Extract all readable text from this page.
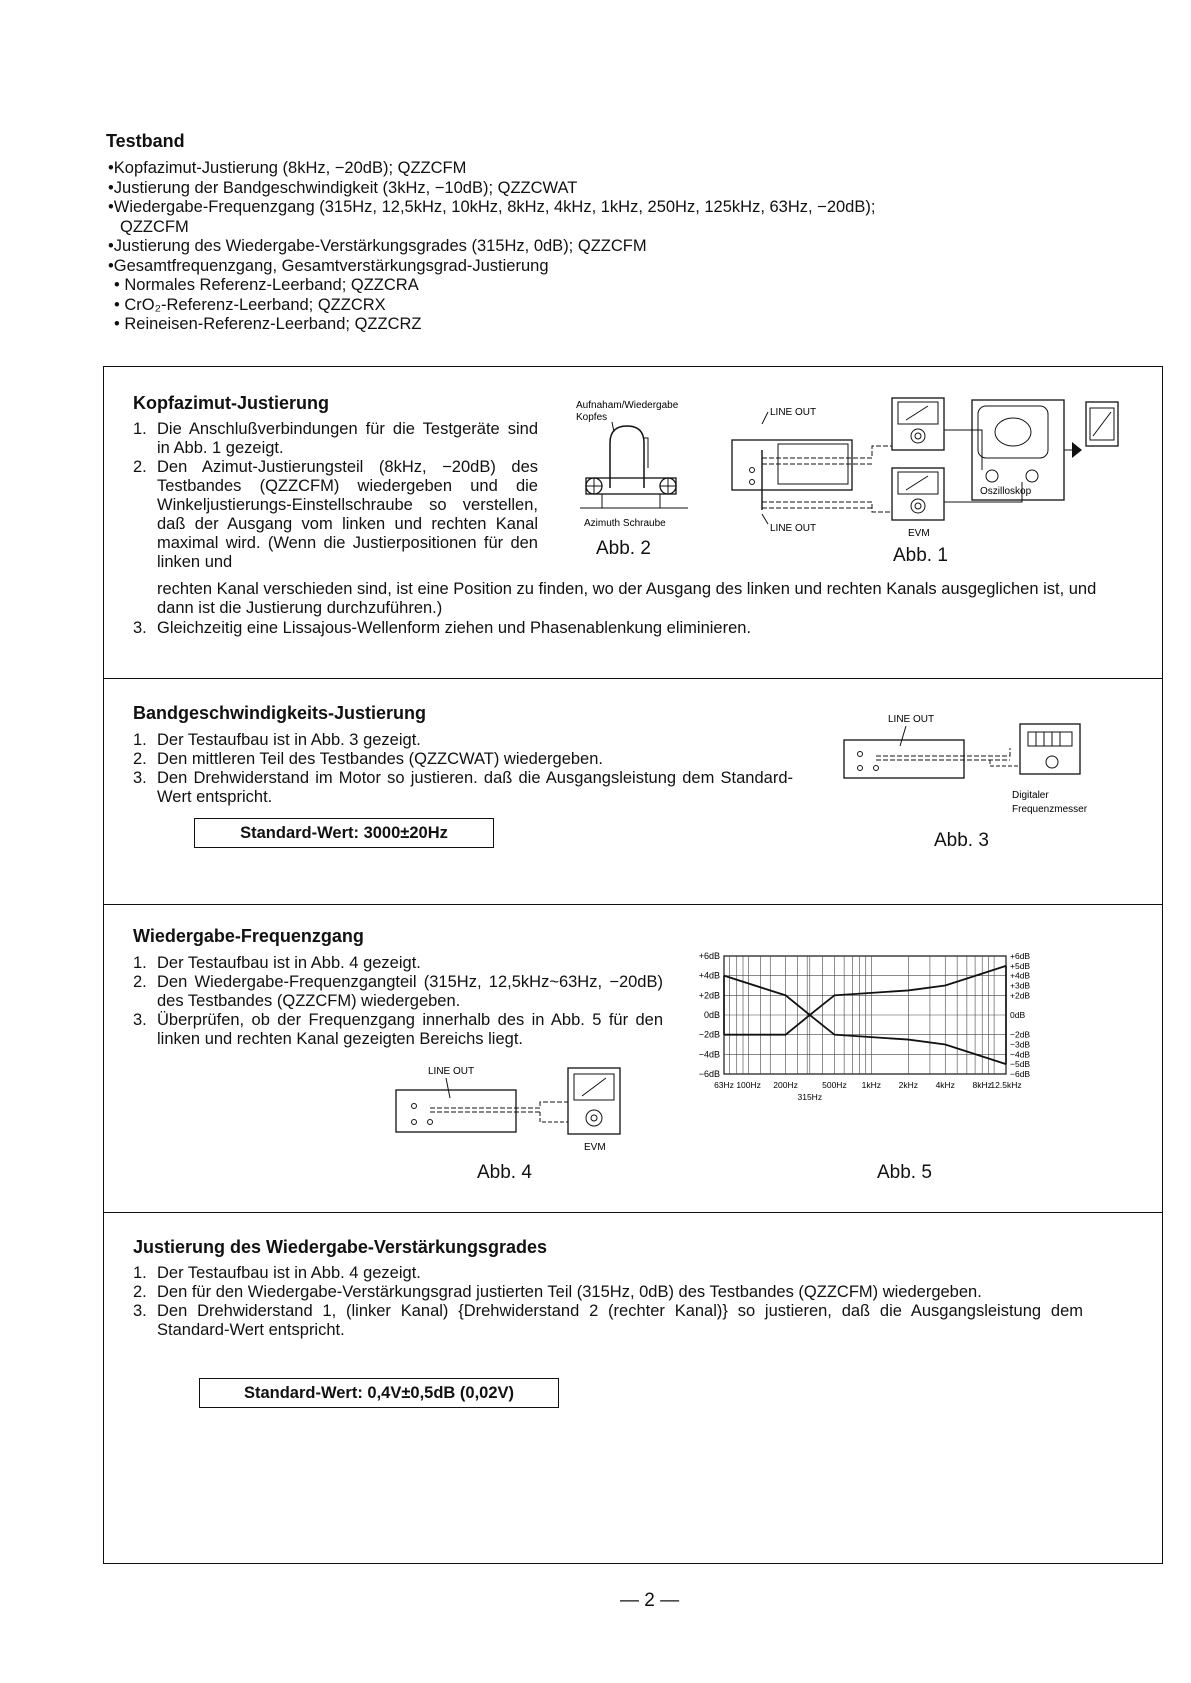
Testband
•Kopfazimut-Justierung (8kHz, −20dB); QZZCFM
•Justierung der Bandgeschwindigkeit (3kHz, −10dB); QZZCWAT
•Wiedergabe-Frequenzgang (315Hz, 12,5kHz, 10kHz, 8kHz, 4kHz, 1kHz, 250Hz, 125kHz, 63Hz, −20dB);
QZZCFM
•Justierung des Wiedergabe-Verstärkungsgrades (315Hz, 0dB); QZZCFM
•Gesamtfrequenzgang, Gesamtverstärkungsgrad-Justierung
• Normales Referenz-Leerband; QZZCRA
• CrO₂-Referenz-Leerband; QZZCRX
• Reineisen-Referenz-Leerband; QZZCRZ
Kopfazimut-Justierung
1. Die Anschlußverbindungen für die Testgeräte sind in Abb. 1 gezeigt.
2. Den Azimut-Justierungsteil (8kHz, −20dB) des Testbandes (QZZCFM) wiedergeben und die Winkeljustierungs-Einstellschraube so verstellen, daß der Ausgang vom linken und rechten Kanal maximal wird. (Wenn die Justierpositionen für den linken und
rechten Kanal verschieden sind, ist eine Position zu finden, wo der Ausgang des linken und rechten Kanals ausgeglichen ist, und dann ist die Justierung durchzuführen.)
3. Gleichzeitig eine Lissajous-Wellenform ziehen und Phasenablenkung eliminieren.
Aufnaham/Wiedergabe
Kopfes
Azimuth Schraube
Abb. 2
LINE OUT
LINE OUT	EVM
Oszilloskop
Abb. 1
Bandgeschwindigkeits-Justierung
1. Der Testaufbau ist in Abb. 3 gezeigt.
2. Den mittleren Teil des Testbandes (QZZCWAT) wiedergeben.
3. Den Drehwiderstand im Motor so justieren. daß die Ausgangsleistung dem Standard-Wert entspricht.
Standard-Wert: 3000±20Hz
LINE OUT
Digitaler
Frequenzmesser
Abb. 3
Wiedergabe-Frequenzgang
1. Der Testaufbau ist in Abb. 4 gezeigt.
2. Den Wiedergabe-Frequenzgangteil (315Hz, 12,5kHz~63Hz, −20dB) des Testbandes (QZZCFM) wiedergeben.
3. Überprüfen, ob der Frequenzgang innerhalb des in Abb. 5 für den linken und rechten Kanal gezeigten Bereichs liegt.
LINE OUT
EVM
Abb. 4
+6dB
+4dB
+2dB
0dB
−2dB
−4dB
−6dB
+6dB
+5dB
+4dB
+3dB
+2dB
0dB
−2dB
−3dB
−4dB
−5dB
−6dB
63Hz 100Hz 200Hz	500Hz 1kHz 2kHz 4kHz 8kHz
12.5kHz
315Hz
Abb. 5
Justierung des Wiedergabe-Verstärkungsgrades
1. Der Testaufbau ist in Abb. 4 gezeigt.
2. Den für den Wiedergabe-Verstärkungsgrad justierten Teil (315Hz, 0dB) des Testbandes (QZZCFM) wiedergeben.
3. Den Drehwiderstand 1, (linker Kanal) {Drehwiderstand 2 (rechter Kanal)} so justieren, daß die Ausgangsleistung dem Standard-Wert entspricht.
Standard-Wert: 0,4V±0,5dB (0,02V)
— 2 —
